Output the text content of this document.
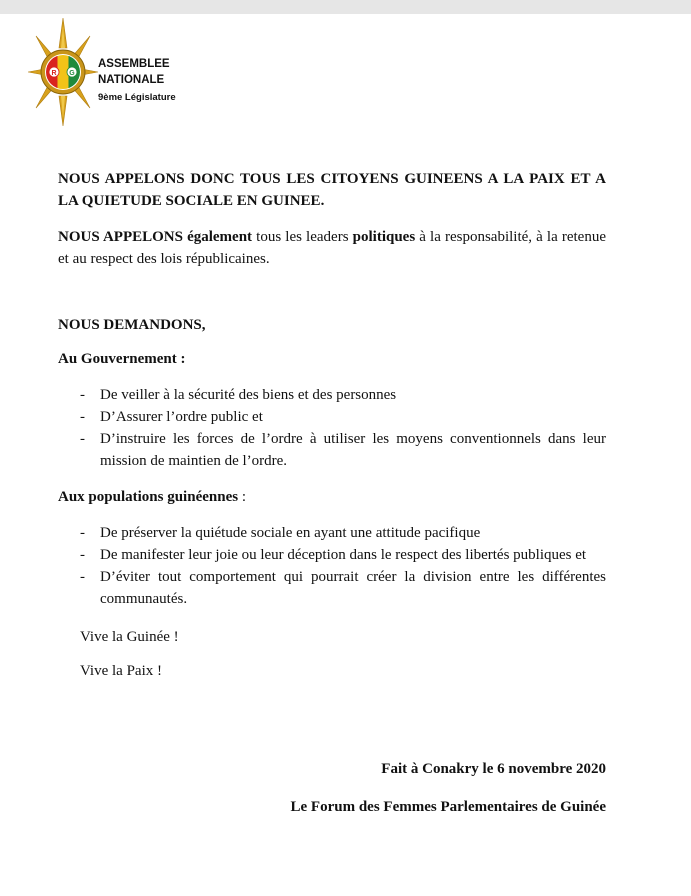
R G
ASSEMBLEE
NATIONALE
9ème Législature

NOUS APPELONS DONC TOUS LES CITOYENS GUINEENS A LA PAIX ET A LA QUIETUDE SOCIALE EN GUINEE.

NOUS APPELONS également tous les leaders politiques à la responsabilité, à la retenue et au respect des lois républicaines.

NOUS DEMANDONS,

Au Gouvernement :

- De veiller à la sécurité des biens et des personnes
- D’Assurer l’ordre public et
- D’instruire les forces de l’ordre à utiliser les moyens conventionnels dans leur mission de maintien de l’ordre.

Aux populations guinéennes :

- De préserver la quiétude sociale en ayant une attitude pacifique
- De manifester leur joie ou leur déception dans le respect des libertés publiques et
- D’éviter tout comportement qui pourrait créer la division entre les différentes communautés.

Vive la Guinée !

Vive la Paix !

Fait à Conakry le 6 novembre 2020

Le Forum des Femmes Parlementaires de Guinée
